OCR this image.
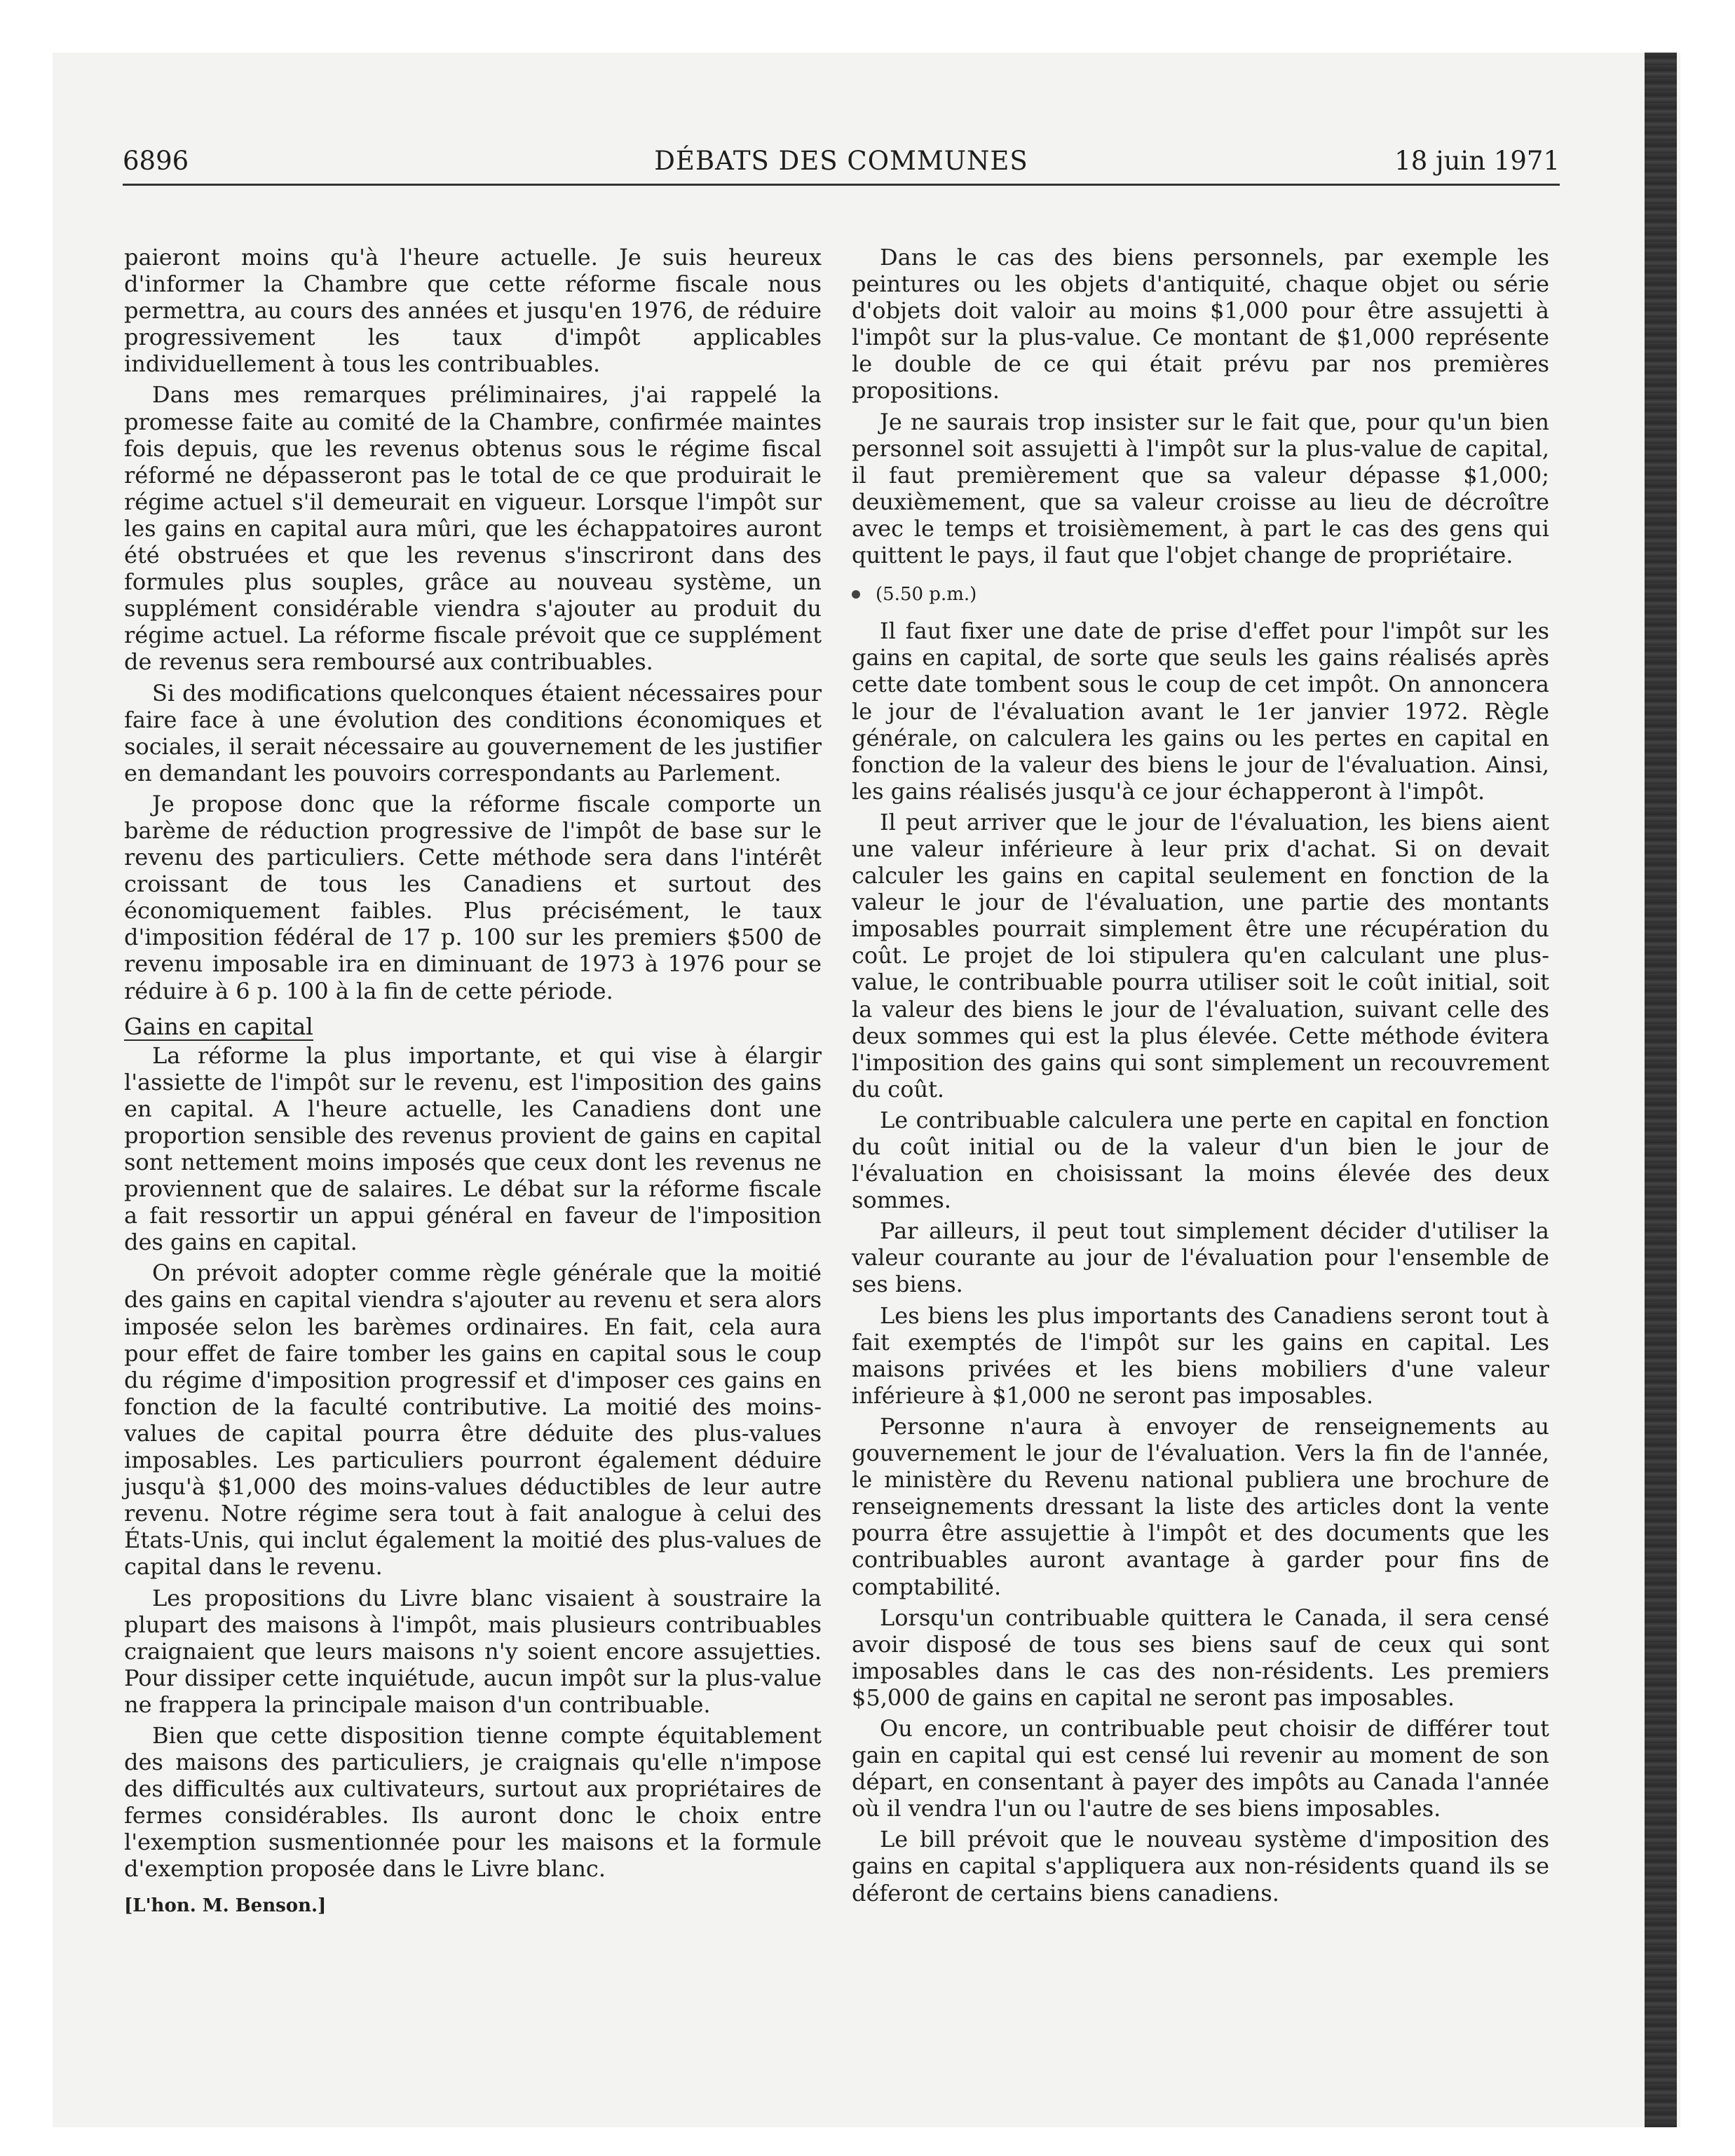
6896	DÉBATS DES COMMUNES	18 juin 1971

paieront moins qu'à l'heure actuelle. Je suis heureux d'informer la Chambre que cette réforme fiscale nous permettra, au cours des années et jusqu'en 1976, de réduire progressivement les taux d'impôt applicables individuellement à tous les contribuables.

Dans mes remarques préliminaires, j'ai rappelé la promesse faite au comité de la Chambre, confirmée maintes fois depuis, que les revenus obtenus sous le régime fiscal réformé ne dépasseront pas le total de ce que produirait le régime actuel s'il demeurait en vigueur. Lorsque l'impôt sur les gains en capital aura mûri, que les échappatoires auront été obstruées et que les revenus s'inscriront dans des formules plus souples, grâce au nouveau système, un supplément considérable viendra s'ajouter au produit du régime actuel. La réforme fiscale prévoit que ce supplément de revenus sera remboursé aux contribuables.

Si des modifications quelconques étaient nécessaires pour faire face à une évolution des conditions économiques et sociales, il serait nécessaire au gouvernement de les justifier en demandant les pouvoirs correspondants au Parlement.

Je propose donc que la réforme fiscale comporte un barème de réduction progressive de l'impôt de base sur le revenu des particuliers. Cette méthode sera dans l'intérêt croissant de tous les Canadiens et surtout des économiquement faibles. Plus précisément, le taux d'imposition fédéral de 17 p. 100 sur les premiers $500 de revenu imposable ira en diminuant de 1973 à 1976 pour se réduire à 6 p. 100 à la fin de cette période.

Gains en capital

La réforme la plus importante, et qui vise à élargir l'assiette de l'impôt sur le revenu, est l'imposition des gains en capital. A l'heure actuelle, les Canadiens dont une proportion sensible des revenus provient de gains en capital sont nettement moins imposés que ceux dont les revenus ne proviennent que de salaires. Le débat sur la réforme fiscale a fait ressortir un appui général en faveur de l'imposition des gains en capital.

On prévoit adopter comme règle générale que la moitié des gains en capital viendra s'ajouter au revenu et sera alors imposée selon les barèmes ordinaires. En fait, cela aura pour effet de faire tomber les gains en capital sous le coup du régime d'imposition progressif et d'imposer ces gains en fonction de la faculté contributive. La moitié des moins-values de capital pourra être déduite des plus-values imposables. Les particuliers pourront également déduire jusqu'à $1,000 des moins-values déductibles de leur autre revenu. Notre régime sera tout à fait analogue à celui des États-Unis, qui inclut également la moitié des plus-values de capital dans le revenu.

Les propositions du Livre blanc visaient à soustraire la plupart des maisons à l'impôt, mais plusieurs contribuables craignaient que leurs maisons n'y soient encore assujetties. Pour dissiper cette inquiétude, aucun impôt sur la plus-value ne frappera la principale maison d'un contribuable.

Bien que cette disposition tienne compte équitablement des maisons des particuliers, je craignais qu'elle n'impose des difficultés aux cultivateurs, surtout aux propriétaires de fermes considérables. Ils auront donc le choix entre l'exemption susmentionnée pour les maisons et la formule d'exemption proposée dans le Livre blanc.

[L'hon. M. Benson.]

Dans le cas des biens personnels, par exemple les peintures ou les objets d'antiquité, chaque objet ou série d'objets doit valoir au moins $1,000 pour être assujetti à l'impôt sur la plus-value. Ce montant de $1,000 représente le double de ce qui était prévu par nos premières propositions.

Je ne saurais trop insister sur le fait que, pour qu'un bien personnel soit assujetti à l'impôt sur la plus-value de capital, il faut premièrement que sa valeur dépasse $1,000; deuxièmement, que sa valeur croisse au lieu de décroître avec le temps et troisièmement, à part le cas des gens qui quittent le pays, il faut que l'objet change de propriétaire.

(5.50 p.m.)

Il faut fixer une date de prise d'effet pour l'impôt sur les gains en capital, de sorte que seuls les gains réalisés après cette date tombent sous le coup de cet impôt. On annoncera le jour de l'évaluation avant le 1er janvier 1972. Règle générale, on calculera les gains ou les pertes en capital en fonction de la valeur des biens le jour de l'évaluation. Ainsi, les gains réalisés jusqu'à ce jour échapperont à l'impôt.

Il peut arriver que le jour de l'évaluation, les biens aient une valeur inférieure à leur prix d'achat. Si on devait calculer les gains en capital seulement en fonction de la valeur le jour de l'évaluation, une partie des montants imposables pourrait simplement être une récupération du coût. Le projet de loi stipulera qu'en calculant une plus-value, le contribuable pourra utiliser soit le coût initial, soit la valeur des biens le jour de l'évaluation, suivant celle des deux sommes qui est la plus élevée. Cette méthode évitera l'imposition des gains qui sont simplement un recouvrement du coût.

Le contribuable calculera une perte en capital en fonction du coût initial ou de la valeur d'un bien le jour de l'évaluation en choisissant la moins élevée des deux sommes.

Par ailleurs, il peut tout simplement décider d'utiliser la valeur courante au jour de l'évaluation pour l'ensemble de ses biens.

Les biens les plus importants des Canadiens seront tout à fait exemptés de l'impôt sur les gains en capital. Les maisons privées et les biens mobiliers d'une valeur inférieure à $1,000 ne seront pas imposables.

Personne n'aura à envoyer de renseignements au gouvernement le jour de l'évaluation. Vers la fin de l'année, le ministère du Revenu national publiera une brochure de renseignements dressant la liste des articles dont la vente pourra être assujettie à l'impôt et des documents que les contribuables auront avantage à garder pour fins de comptabilité.

Lorsqu'un contribuable quittera le Canada, il sera censé avoir disposé de tous ses biens sauf de ceux qui sont imposables dans le cas des non-résidents. Les premiers $5,000 de gains en capital ne seront pas imposables.

Ou encore, un contribuable peut choisir de différer tout gain en capital qui est censé lui revenir au moment de son départ, en consentant à payer des impôts au Canada l'année où il vendra l'un ou l'autre de ses biens imposables.

Le bill prévoit que le nouveau système d'imposition des gains en capital s'appliquera aux non-résidents quand ils se déferont de certains biens canadiens.
